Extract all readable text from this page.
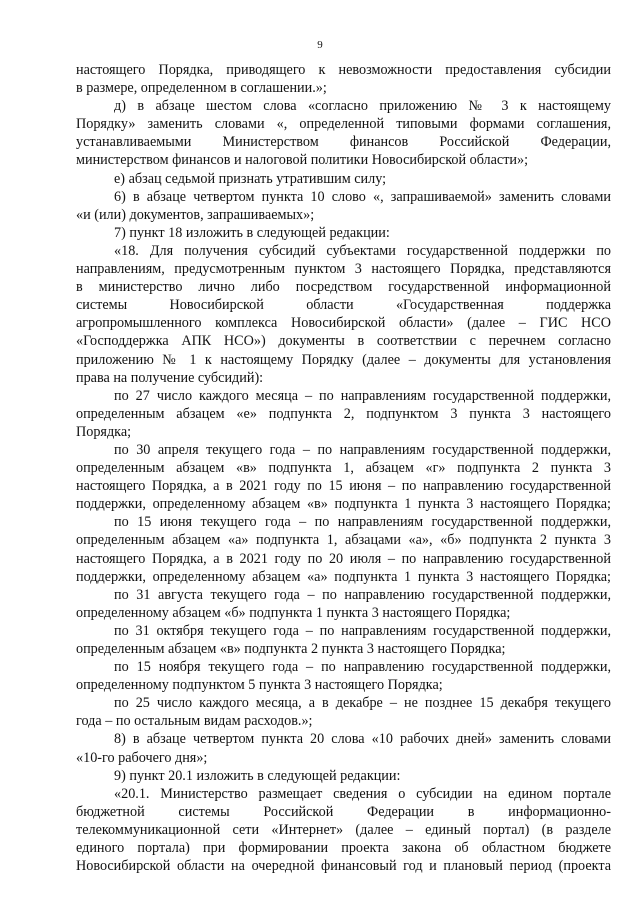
9
настоящего Порядка, приводящего к невозможности предоставления субсидии
в размере, определенном в соглашении.»;
д) в абзаце шестом слова «согласно приложению № 3 к настоящему
Порядку» заменить словами «, определенной типовыми формами соглашения,
устанавливаемыми Министерством финансов Российской Федерации,
министерством финансов и налоговой политики Новосибирской области»;
е) абзац седьмой признать утратившим силу;
6) в абзаце четвертом пункта 10 слово «, запрашиваемой» заменить словами
«и (или) документов, запрашиваемых»;
7) пункт 18 изложить в следующей редакции:
«18. Для получения субсидий субъектами государственной поддержки по
направлениям, предусмотренным пунктом 3 настоящего Порядка, представляются
в министерство лично либо посредством государственной информационной
системы Новосибирской области «Государственная поддержка
агропромышленного комплекса Новосибирской области» (далее – ГИС НСО
«Господдержка АПК НСО») документы в соответствии с перечнем согласно
приложению № 1 к настоящему Порядку (далее – документы для установления
права на получение субсидий):
по 27 число каждого месяца – по направлениям государственной поддержки,
определенным абзацем «е» подпункта 2, подпунктом 3 пункта 3 настоящего
Порядка;
по 30 апреля текущего года – по направлениям государственной поддержки,
определенным абзацем «в» подпункта 1, абзацем «г» подпункта 2 пункта 3
настоящего Порядка, а в 2021 году по 15 июня – по направлению государственной
поддержки, определенному абзацем «в» подпункта 1 пункта 3 настоящего Порядка;
по 15 июня текущего года – по направлениям государственной поддержки,
определенным абзацем «а» подпункта 1, абзацами «а», «б» подпункта 2 пункта 3
настоящего Порядка, а в 2021 году по 20 июля – по направлению государственной
поддержки, определенному абзацем «а» подпункта 1 пункта 3 настоящего Порядка;
по 31 августа текущего года – по направлению государственной поддержки,
определенному абзацем «б» подпункта 1 пункта 3 настоящего Порядка;
по 31 октября текущего года – по направлениям государственной поддержки,
определенным абзацем «в» подпункта 2 пункта 3 настоящего Порядка;
по 15 ноября текущего года – по направлению государственной поддержки,
определенному подпунктом 5 пункта 3 настоящего Порядка;
по 25 число каждого месяца, а в декабре – не позднее 15 декабря текущего
года – по остальным видам расходов.»;
8) в абзаце четвертом пункта 20 слова «10 рабочих дней» заменить словами
«10-го рабочего дня»;
9) пункт 20.1 изложить в следующей редакции:
«20.1. Министерство размещает сведения о субсидии на едином портале
бюджетной системы Российской Федерации в информационно-
телекоммуникационной сети «Интернет» (далее – единый портал) (в разделе
единого портала) при формировании проекта закона об областном бюджете
Новосибирской области на очередной финансовый год и плановый период (проекта
